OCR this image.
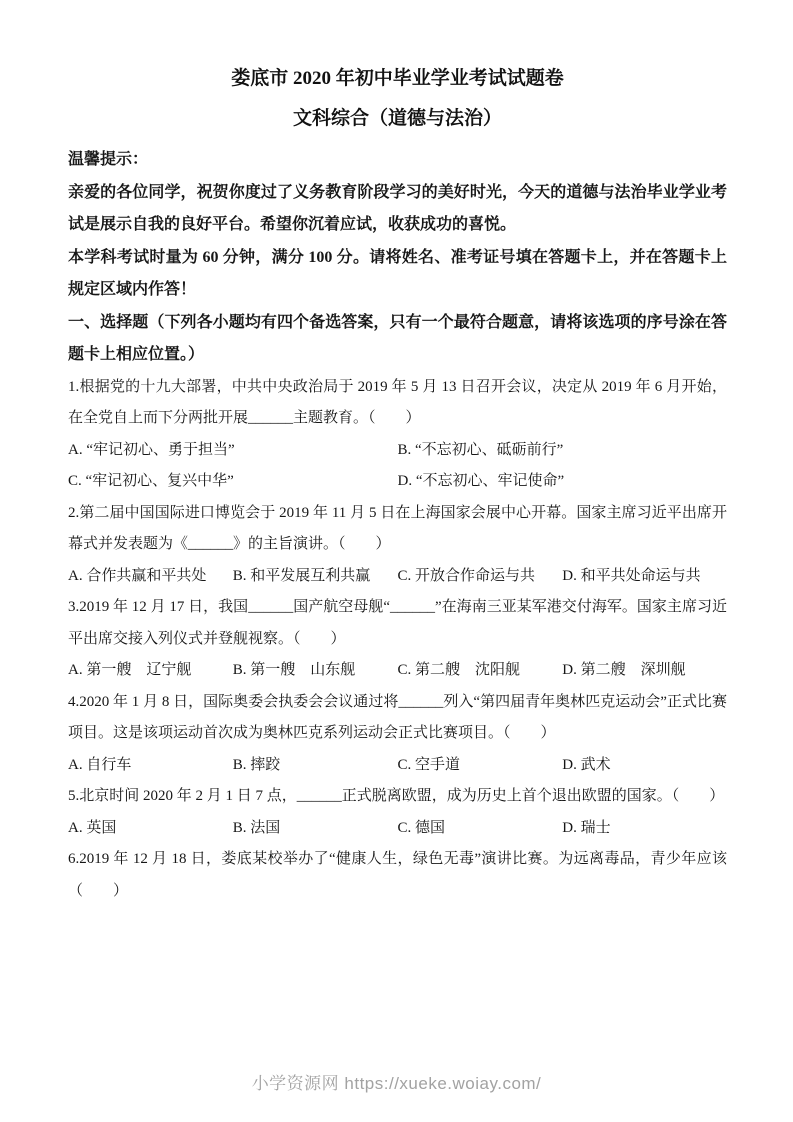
娄底市 2020 年初中毕业学业考试试题卷
文科综合（道德与法治）

温馨提示：

亲爱的各位同学，祝贺你度过了义务教育阶段学习的美好时光，今天的道德与法治毕业学业考试是展示自我的良好平台。希望你沉着应试，收获成功的喜悦。

本学科考试时量为 60 分钟，满分 100 分。请将姓名、准考证号填在答题卡上，并在答题卡上规定区域内作答！

一、选择题（下列各小题均有四个备选答案，只有一个最符合题意，请将该选项的序号涂在答题卡上相应位置。）

1.根据党的十九大部署，中共中央政治局于 2019 年 5 月 13 日召开会议，决定从 2019 年 6 月开始，在全党自上而下分两批开展______主题教育。（　　）

A. “牢记初心、勇于担当”	B. “不忘初心、砥砺前行”
C. “牢记初心、复兴中华”	D. “不忘初心、牢记使命”

2.第二届中国国际进口博览会于 2019 年 11 月 5 日在上海国家会展中心开幕。国家主席习近平出席开幕式并发表题为《______》的主旨演讲。（　　）

A. 合作共赢和平共处	B. 和平发展互利共赢	C. 开放合作命运与共	D. 和平共处命运与共

3.2019 年 12 月 17 日，我国______国产航空母舰“______”在海南三亚某军港交付海军。国家主席习近平出席交接入列仪式并登舰视察。（　　）

A. 第一艘　辽宁舰	B. 第一艘　山东舰	C. 第二艘　沈阳舰	D. 第二艘　深圳舰

4.2020 年 1 月 8 日，国际奥委会执委会会议通过将______列入“第四届青年奥林匹克运动会”正式比赛项目。这是该项运动首次成为奥林匹克系列运动会正式比赛项目。（　　）

A. 自行车	B. 摔跤	C. 空手道	D. 武术

5.北京时间 2020 年 2 月 1 日 7 点，______正式脱离欧盟，成为历史上首个退出欧盟的国家。（　　）

A. 英国	B. 法国	C. 德国	D. 瑞士

6.2019 年 12 月 18 日，娄底某校举办了“健康人生，绿色无毒”演讲比赛。为远离毒品，青少年应该（　　）

小学资源网 https://xueke.woiay.com/
